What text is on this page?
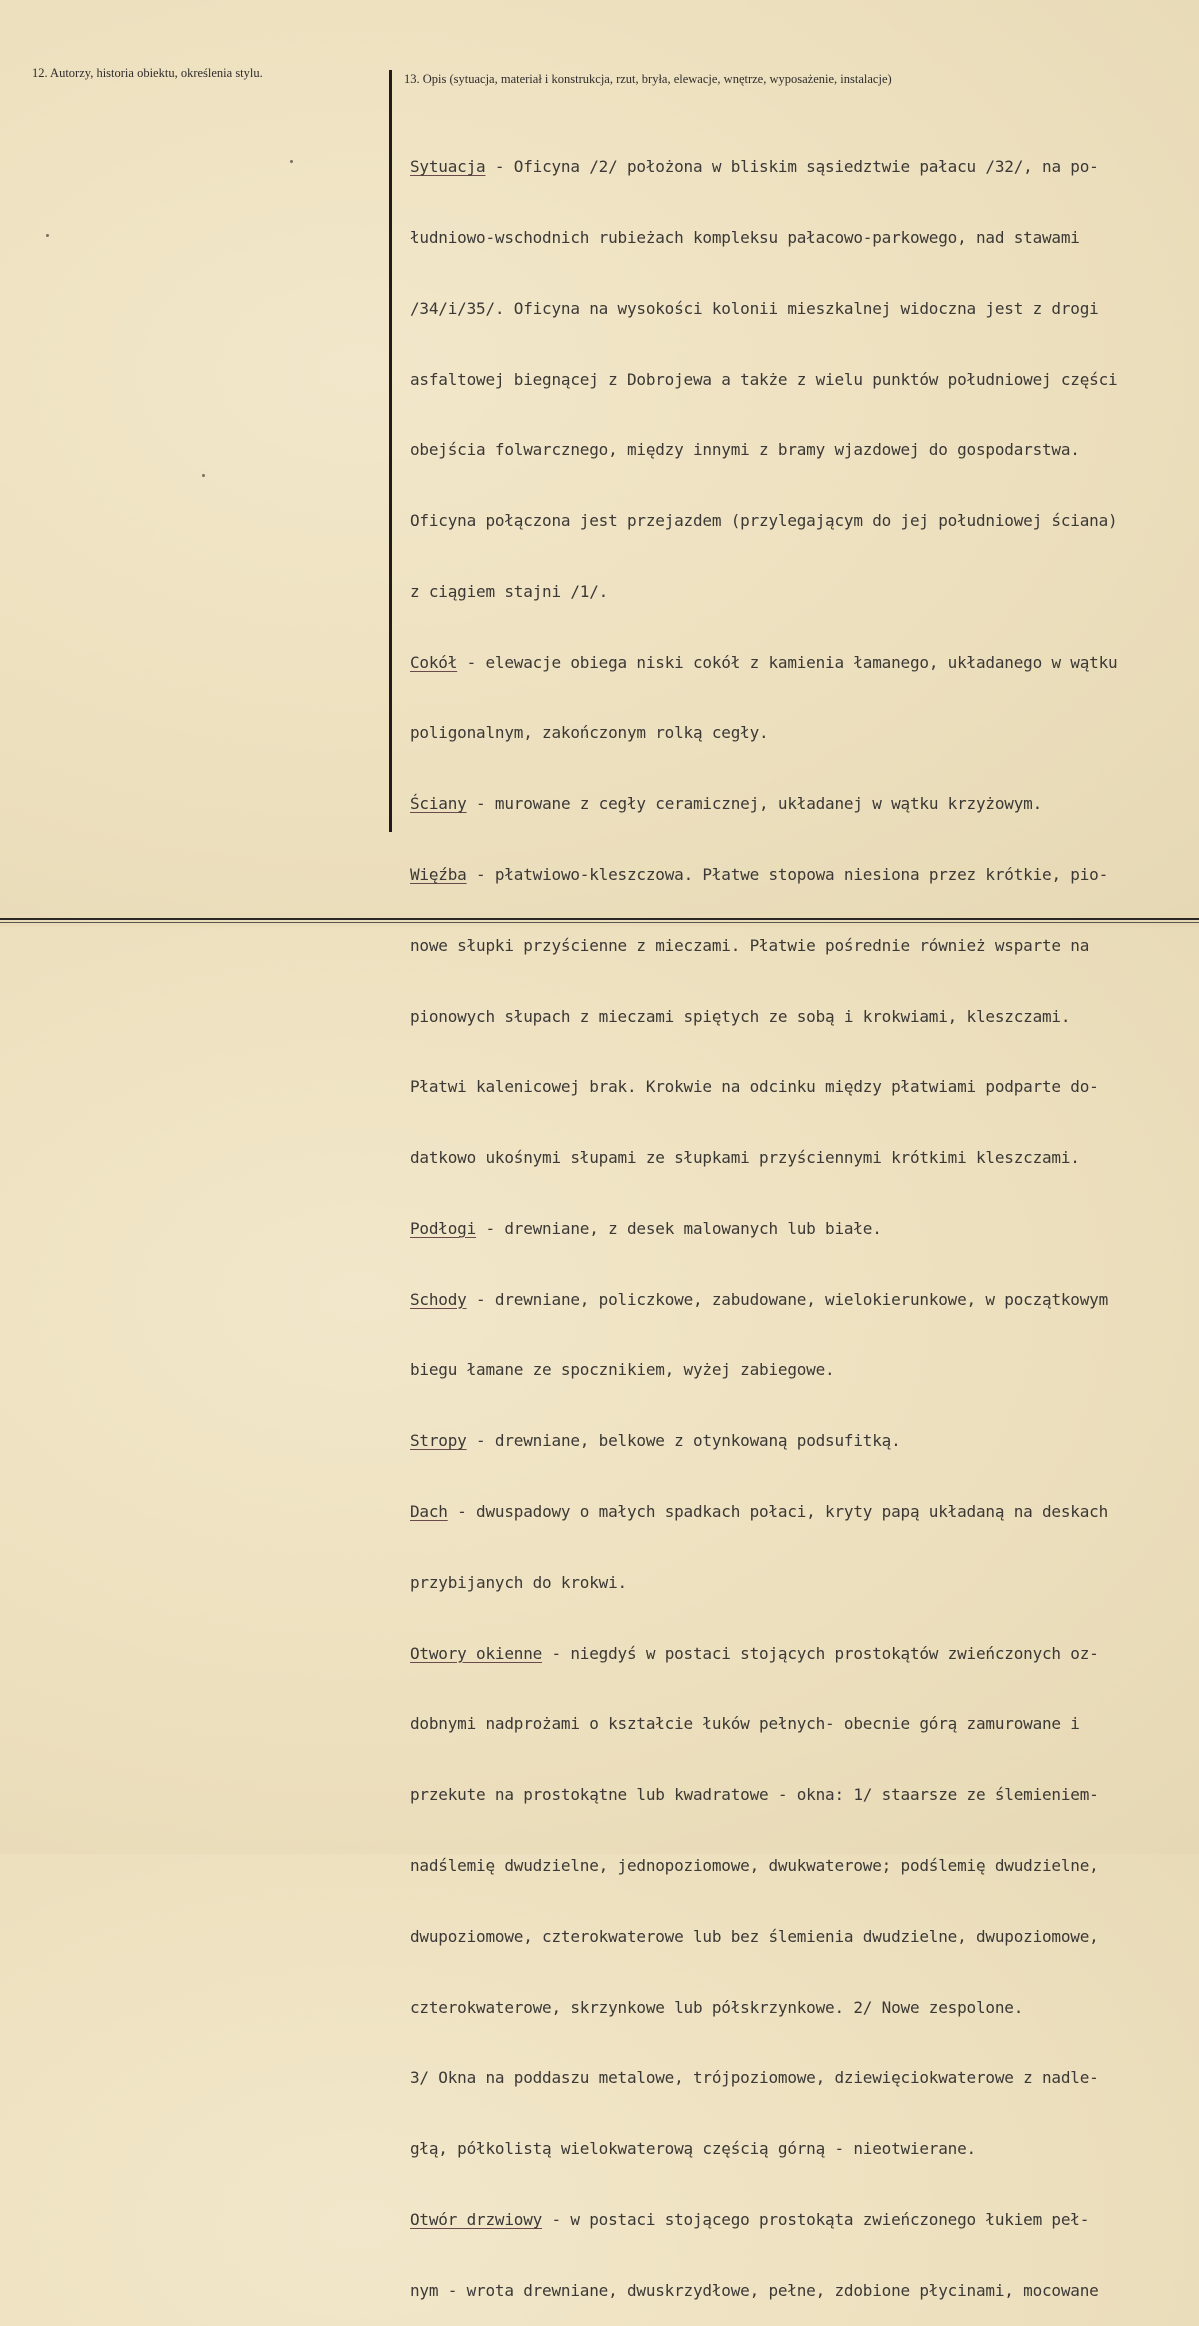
12. Autorzy, historia obiektu, określenia stylu.	13. Opis (sytuacja, materiał i konstrukcja, rzut, bryła, elewacje, wnętrze, wyposażenie, instalacje)

Sytuacja - Oficyna /2/ położona w bliskim sąsiedztwie pałacu /32/, na po-

łudniowo-wschodnich rubieżach kompleksu pałacowo-parkowego, nad stawami

/34/i/35/. Oficyna na wysokości kolonii mieszkalnej widoczna jest z drogi

asfaltowej biegnącej z Dobrojewa a także z wielu punktów południowej części

obejścia folwarcznego, między innymi z bramy wjazdowej do gospodarstwa.

Oficyna połączona jest przejazdem (przylegającym do jej południowej ściana)

z ciągiem stajni /1/.

Cokół - elewacje obiega niski cokół z kamienia łamanego, układanego w wątku

poligonalnym, zakończonym rolką cegły.

Ściany - murowane z cegły ceramicznej, układanej w wątku krzyżowym.

Więźba - płatwiowo-kleszczowa. Płatwe stopowa niesiona przez krótkie, pio-

nowe słupki przyścienne z mieczami. Płatwie pośrednie również wsparte na

pionowych słupach z mieczami spiętych ze sobą i krokwiami, kleszczami.

Płatwi kalenicowej brak. Krokwie na odcinku między płatwiami podparte do-

datkowo ukośnymi słupami ze słupkami przyściennymi krótkimi kleszczami.

Podłogi - drewniane, z desek malowanych lub białe.

Schody - drewniane, policzkowe, zabudowane, wielokierunkowe, w początkowym

biegu łamane ze spocznikiem, wyżej zabiegowe.

Stropy - drewniane, belkowe z otynkowaną podsufitką.

Dach - dwuspadowy o małych spadkach połaci, kryty papą układaną na deskach

przybijanych do krokwi.

Otwory okienne - niegdyś w postaci stojących prostokątów zwieńczonych oz-

dobnymi nadprożami o kształcie łuków pełnych- obecnie górą zamurowane i

przekute na prostokątne lub kwadratowe - okna: 1/ staarsze ze ślemieniem-

nadślemię dwudzielne, jednopoziomowe, dwukwaterowe; podślemię dwudzielne,

dwupoziomowe, czterokwaterowe lub bez ślemienia dwudzielne, dwupoziomowe,

czterokwaterowe, skrzynkowe lub półskrzynkowe. 2/ Nowe zespolone.

3/ Okna na poddaszu metalowe, trójpoziomowe, dziewięciokwaterowe z nadle-

głą, półkolistą wielokwaterową częścią górną - nieotwierane.

Otwór drzwiowy - w postaci stojącego prostokąta zwieńczonego łukiem peł-

nym - wrota drewniane, dwuskrzydłowe, pełne, zdobione płycinami, mocowane
